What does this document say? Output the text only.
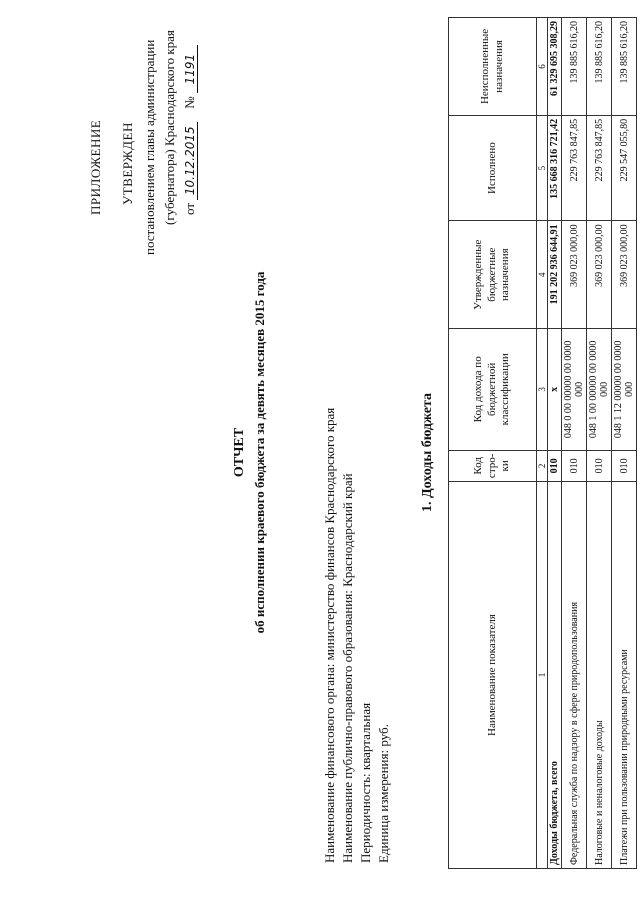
ПРИЛОЖЕНИЕ УТВЕРЖДЕН постановлением главы администрации (губернатора) Краснодарского края от 10.12.2015    № 1191
ОТЧЕТ об исполнении краевого бюджета за девять месяцев 2015 года	Наименование финансового органа: министерство финансов Краснодарского края Наименование публично-правового образования: Краснодарский край Периодичность: квартальная Единица измерения: руб.
1. Доходы бюджета
Наименование показателя	Код стро-ки	Код дохода по бюджетной классификации	Утвержденные бюджетные назначения	Исполнено	Неисполненные назначения
1	2	3	4	5	6
Доходы бюджета, всего	010	x	191 202 936 644,91	135 668 316 721,42	61 329 695 308,29
Федеральная служба по надзору в сфере природопользования	010	048 0 00 00000 00 0000 000	369 023 000,00	229 763 847,85	139 885 616,20
Налоговые и неналоговые доходы	010	048 1 00 00000 00 0000 000	369 023 000,00	229 763 847,85	139 885 616,20
Платежи при пользовании природными ресурсами	010	048 1 12 00000 00 0000 000	369 023 000,00	229 547 055,80	139 885 616,20
